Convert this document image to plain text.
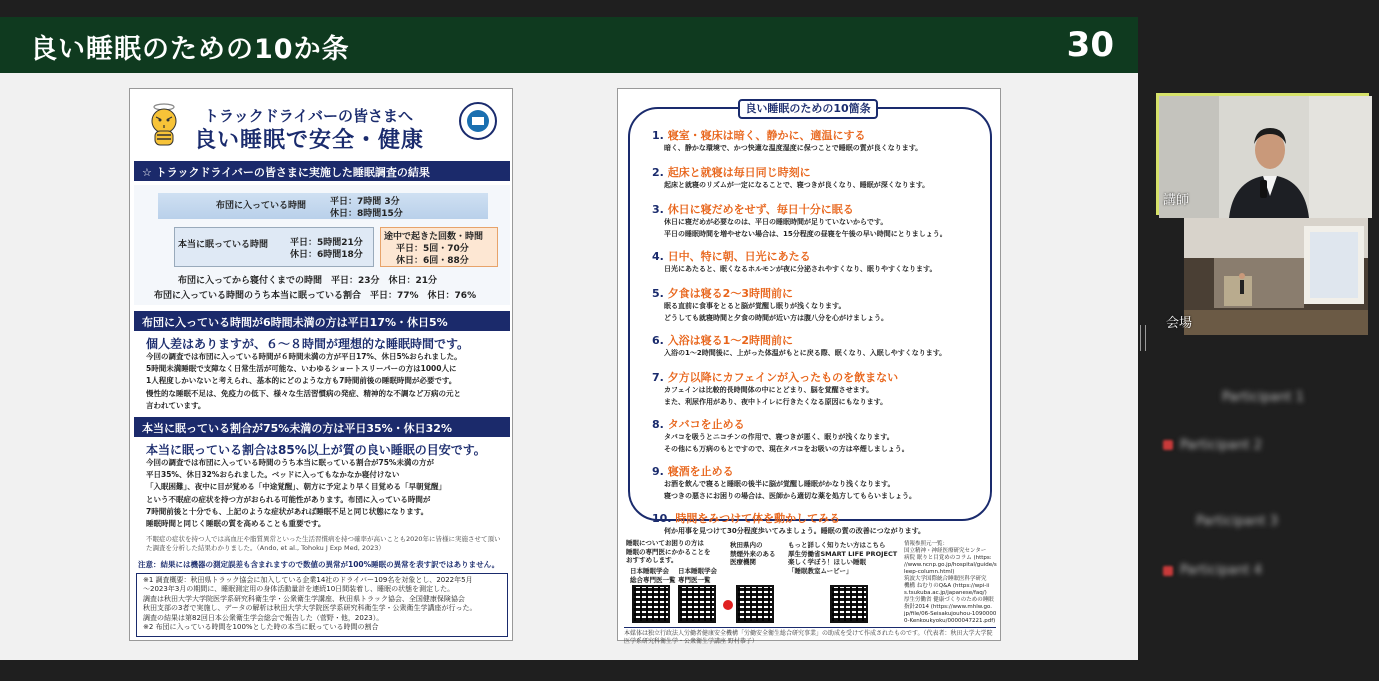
良い睡眠のための10か条	30
トラックドライバーの皆さまへ
良い睡眠で安全・健康
☆ トラックドライバーの皆さまに実施した睡眠調査の結果
布団に入っている時間	平日：7時間 3分
休日：8時間15分
本当に眠っている時間 平日：5時間21分
休日：6時間18分
途中で起きた回数・時間
平日：5回・70分
休日：6回・88分
布団に入ってから寝付くまでの時間　平日：23分　休日：21分
布団に入っている時間のうち本当に眠っている割合　平日：77%　休日：76%
布団に入っている時間が6時間未満の方は平日17%・休日5%
個人差はありますが、６～８時間が理想的な睡眠時間です。
今回の調査では布団に入っている時間が６時間未満の方が平日17%、休日5%おられました。
5時間未満睡眠で支障なく日常生活が可能な、いわゆるショートスリーパーの方は1000人に
1人程度しかいないと考えられ、基本的にどのような方も7時間前後の睡眠時間が必要です。
慢性的な睡眠不足は、免疫力の低下、様々な生活習慣病の発症、精神的な不調など万病の元と
言われています。
本当に眠っている割合が75%未満の方は平日35%・休日32%
本当に眠っている割合は85%以上が質の良い睡眠の目安です。
今回の調査では布団に入っている時間のうち本当に眠っている割合が75%未満の方が
平日35%、休日32%おられました。ベッドに入ってもなかなか寝付けない
「入眠困難」、夜中に目が覚める「中途覚醒」、朝方に予定より早く目覚める「早朝覚醒」
という不眠症の症状を持つ方がおられる可能性があります。布団に入っている時間が
7時間前後と十分でも、上記のような症状があれば睡眠不足と同じ状態になります。
睡眠時間と同じく睡眠の質を高めることも重要です。
不眠症の症状を持つ人では高血圧や脂質異常といった生活習慣病を持つ確率が高いことも2020年に皆様に実施させて頂いた調査を分析した結果わかりました。（Ando, et al., Tohoku J Exp Med, 2023）
注意：結果には機器の測定誤差も含まれますので数値の異常が100%睡眠の異常を表す訳ではありません。
※1 調査概要：秋田県トラック協会に加入している企業14社のドライバー109名を対象とし、2022年5月
～2023年3月の期間に、睡眠測定用の身体活動量計を連続10日間装着し、睡眠の状態を測定した。
調査は秋田大学大学院医学系研究科衛生学・公衆衛生学講座、秋田県トラック協会、全国健康保険協会
秋田支部の3者で実施し、データの解析は秋田大学大学院医学系研究科衛生学・公衆衛生学講座が行った。
調査の結果は第82回日本公衆衛生学会総会で報告した（菅野・他，2023）。
※2 布団に入っている時間を100%とした時の本当に眠っている時間の割合
良い睡眠のための10箇条
1. 寝室・寝床は暗く、静かに、適温にする
暗く、静かな環境で、かつ快適な温度湿度に保つことで睡眠の質が良くなります。
2. 起床と就寝は毎日同じ時刻に
起床と就寝のリズムが一定になることで、寝つきが良くなり、睡眠が深くなります。
3. 休日に寝だめをせず、毎日十分に眠る
休日に寝だめが必要なのは、平日の睡眠時間が足りていないからです。
平日の睡眠時間を増やせない場合は、15分程度の昼寝を午後の早い時間にとりましょう。
4. 日中、特に朝、日光にあたる
日光にあたると、眠くなるホルモンが夜に分泌されやすくなり、眠りやすくなります。
5. 夕食は寝る2～3時間前に
眠る直前に食事をとると脳が覚醒し眠りが浅くなります。
どうしても就寝時間と夕食の時間が近い方は腹八分を心がけましょう。
6. 入浴は寝る1～2時間前に
入浴の1～2時間後に、上がった体温がもとに戻る際、眠くなり、入眠しやすくなります。
7. 夕方以降にカフェインが入ったものを飲まない
カフェインは比較的長時間体の中にとどまり、脳を覚醒させます。
また、利尿作用があり、夜中トイレに行きたくなる原因にもなります。
8. タバコを止める
タバコを吸うとニコチンの作用で、寝つきが悪く、眠りが浅くなります。
その他にも万病のもとですので、現在タバコをお吸いの方は卒煙しましょう。
9. 寝酒を止める
お酒を飲んで寝ると睡眠の後半に脳が覚醒し睡眠がかなり浅くなります。
寝つきの悪さにお困りの場合は、医師から適切な薬を処方してもらいましょう。
10. 時間をみつけて体を動かしてみる
何か用事を見つけて30分程度歩いてみましょう。睡眠の質の改善につながります。
睡眠についてお困りの方は
睡眠の専門医にかかることを
おすすめします。
日本睡眠学会
総合専門医一覧
日本睡眠学会
専門医一覧
秋田県内の
禁煙外来のある
医療機関
もっと詳しく知りたい方はこちら
厚生労働省SMART LIFE PROJECT
楽しく学ぼう！ほしい睡眠
「睡眠教室ムービー」
情報参照元一覧：
国立精神・神経医療研究センター
病院 眠りと目覚めのコラム (https:
//www.ncnp.go.jp/hospital/guide/s
leep-column.html)
筑波大学国際統合睡眠医科学研究
機構 ねむりのQ&A (https://wpi-ii
s.tsukuba.ac.jp/japanese/faq/)
厚生労働省 健康づくりのための睡眠
指針2014 (https://www.mhlw.go.
jp/file/06-Seisakujouhou-1090000
0-Kenkoukyoku/0000047221.pdf)
本媒体は独立行政法人労働者健康安全機構「労働安全衛生総合研究事業」の助成を受けて作成されたものです。（代表者：秋田大学大学院医学系研究科衛生学・公衆衛生学講座 野村恭子）
講師
会場
Participant 1
Participant 2
Participant 3
Participant 4
